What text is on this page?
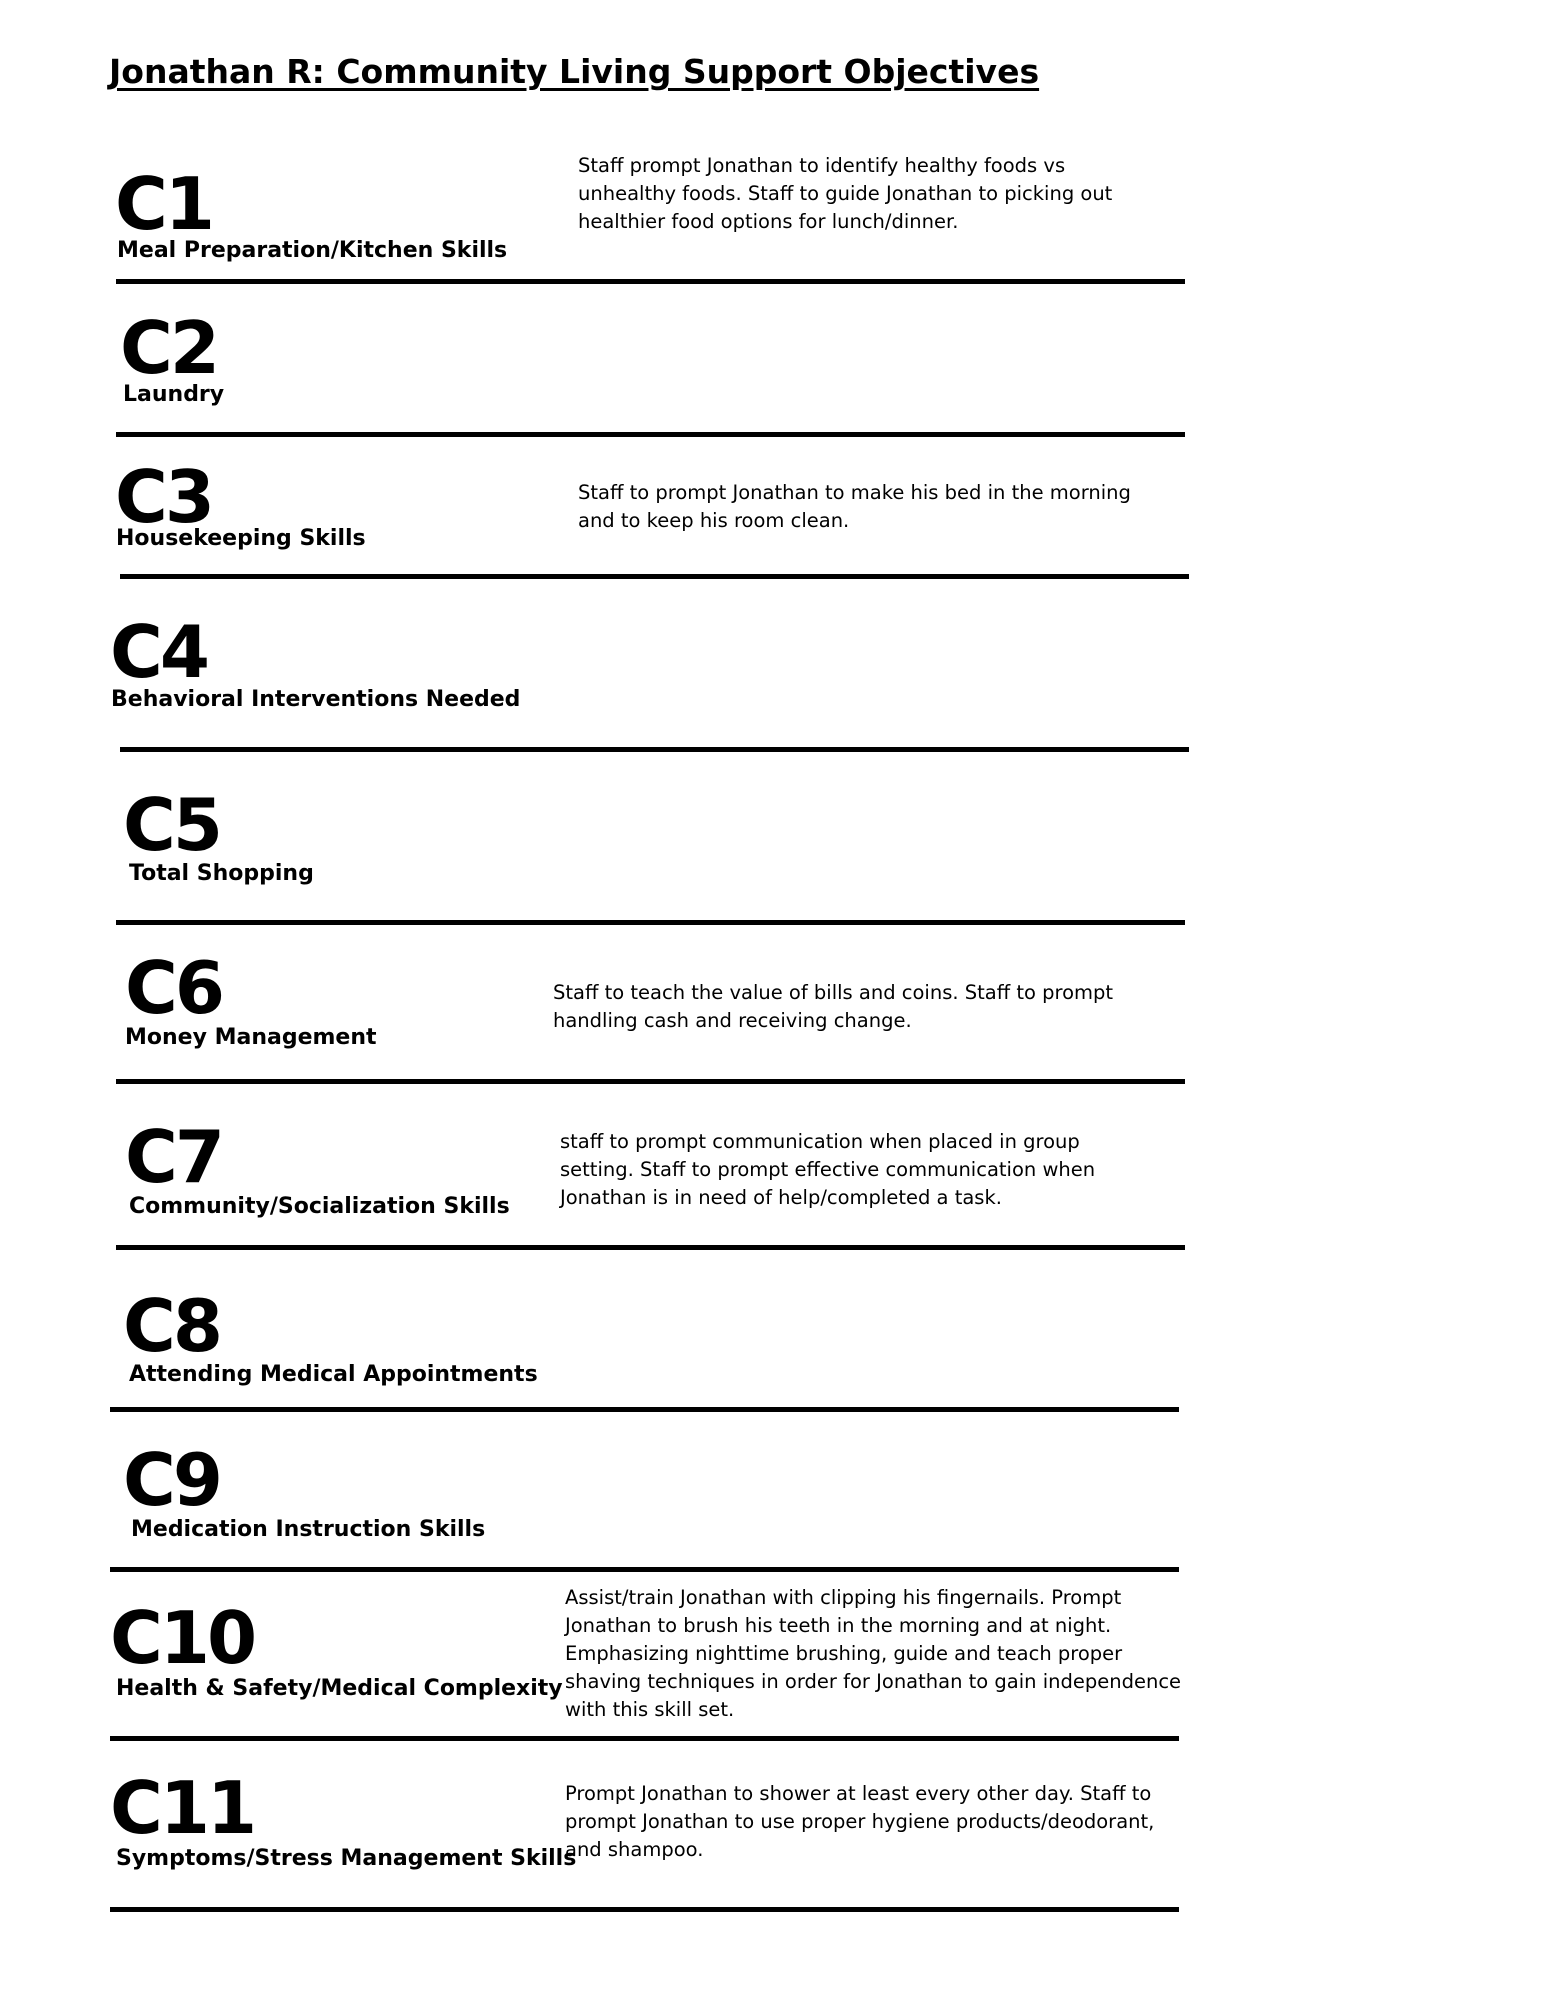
Jonathan R: Community Living Support Objectives
C1
Meal Preparation/Kitchen Skills
Staff prompt Jonathan to identify healthy foods vs
unhealthy foods. Staff to guide Jonathan to picking out
healthier food options for lunch/dinner.
C2
Laundry
C3
Housekeeping Skills
Staff to prompt Jonathan to make his bed in the morning
and to keep his room clean.
C4
Behavioral Interventions Needed
C5
Total Shopping
C6
Money Management
Staff to teach the value of bills and coins. Staff to prompt
handling cash and receiving change.
C7
Community/Socialization Skills
staff to prompt communication when placed in group
setting. Staff to prompt effective communication when
Jonathan is in need of help/completed a task.
C8
Attending Medical Appointments
C9
Medication Instruction Skills
C10
Health & Safety/Medical Complexity
Assist/train Jonathan with clipping his fingernails. Prompt
Jonathan to brush his teeth in the morning and at night.
Emphasizing nighttime brushing, guide and teach proper
shaving techniques in order for Jonathan to gain independence
with this skill set.
C11
Symptoms/Stress Management Skills
Prompt Jonathan to shower at least every other day. Staff to
prompt Jonathan to use proper hygiene products/deodorant,
and shampoo.
